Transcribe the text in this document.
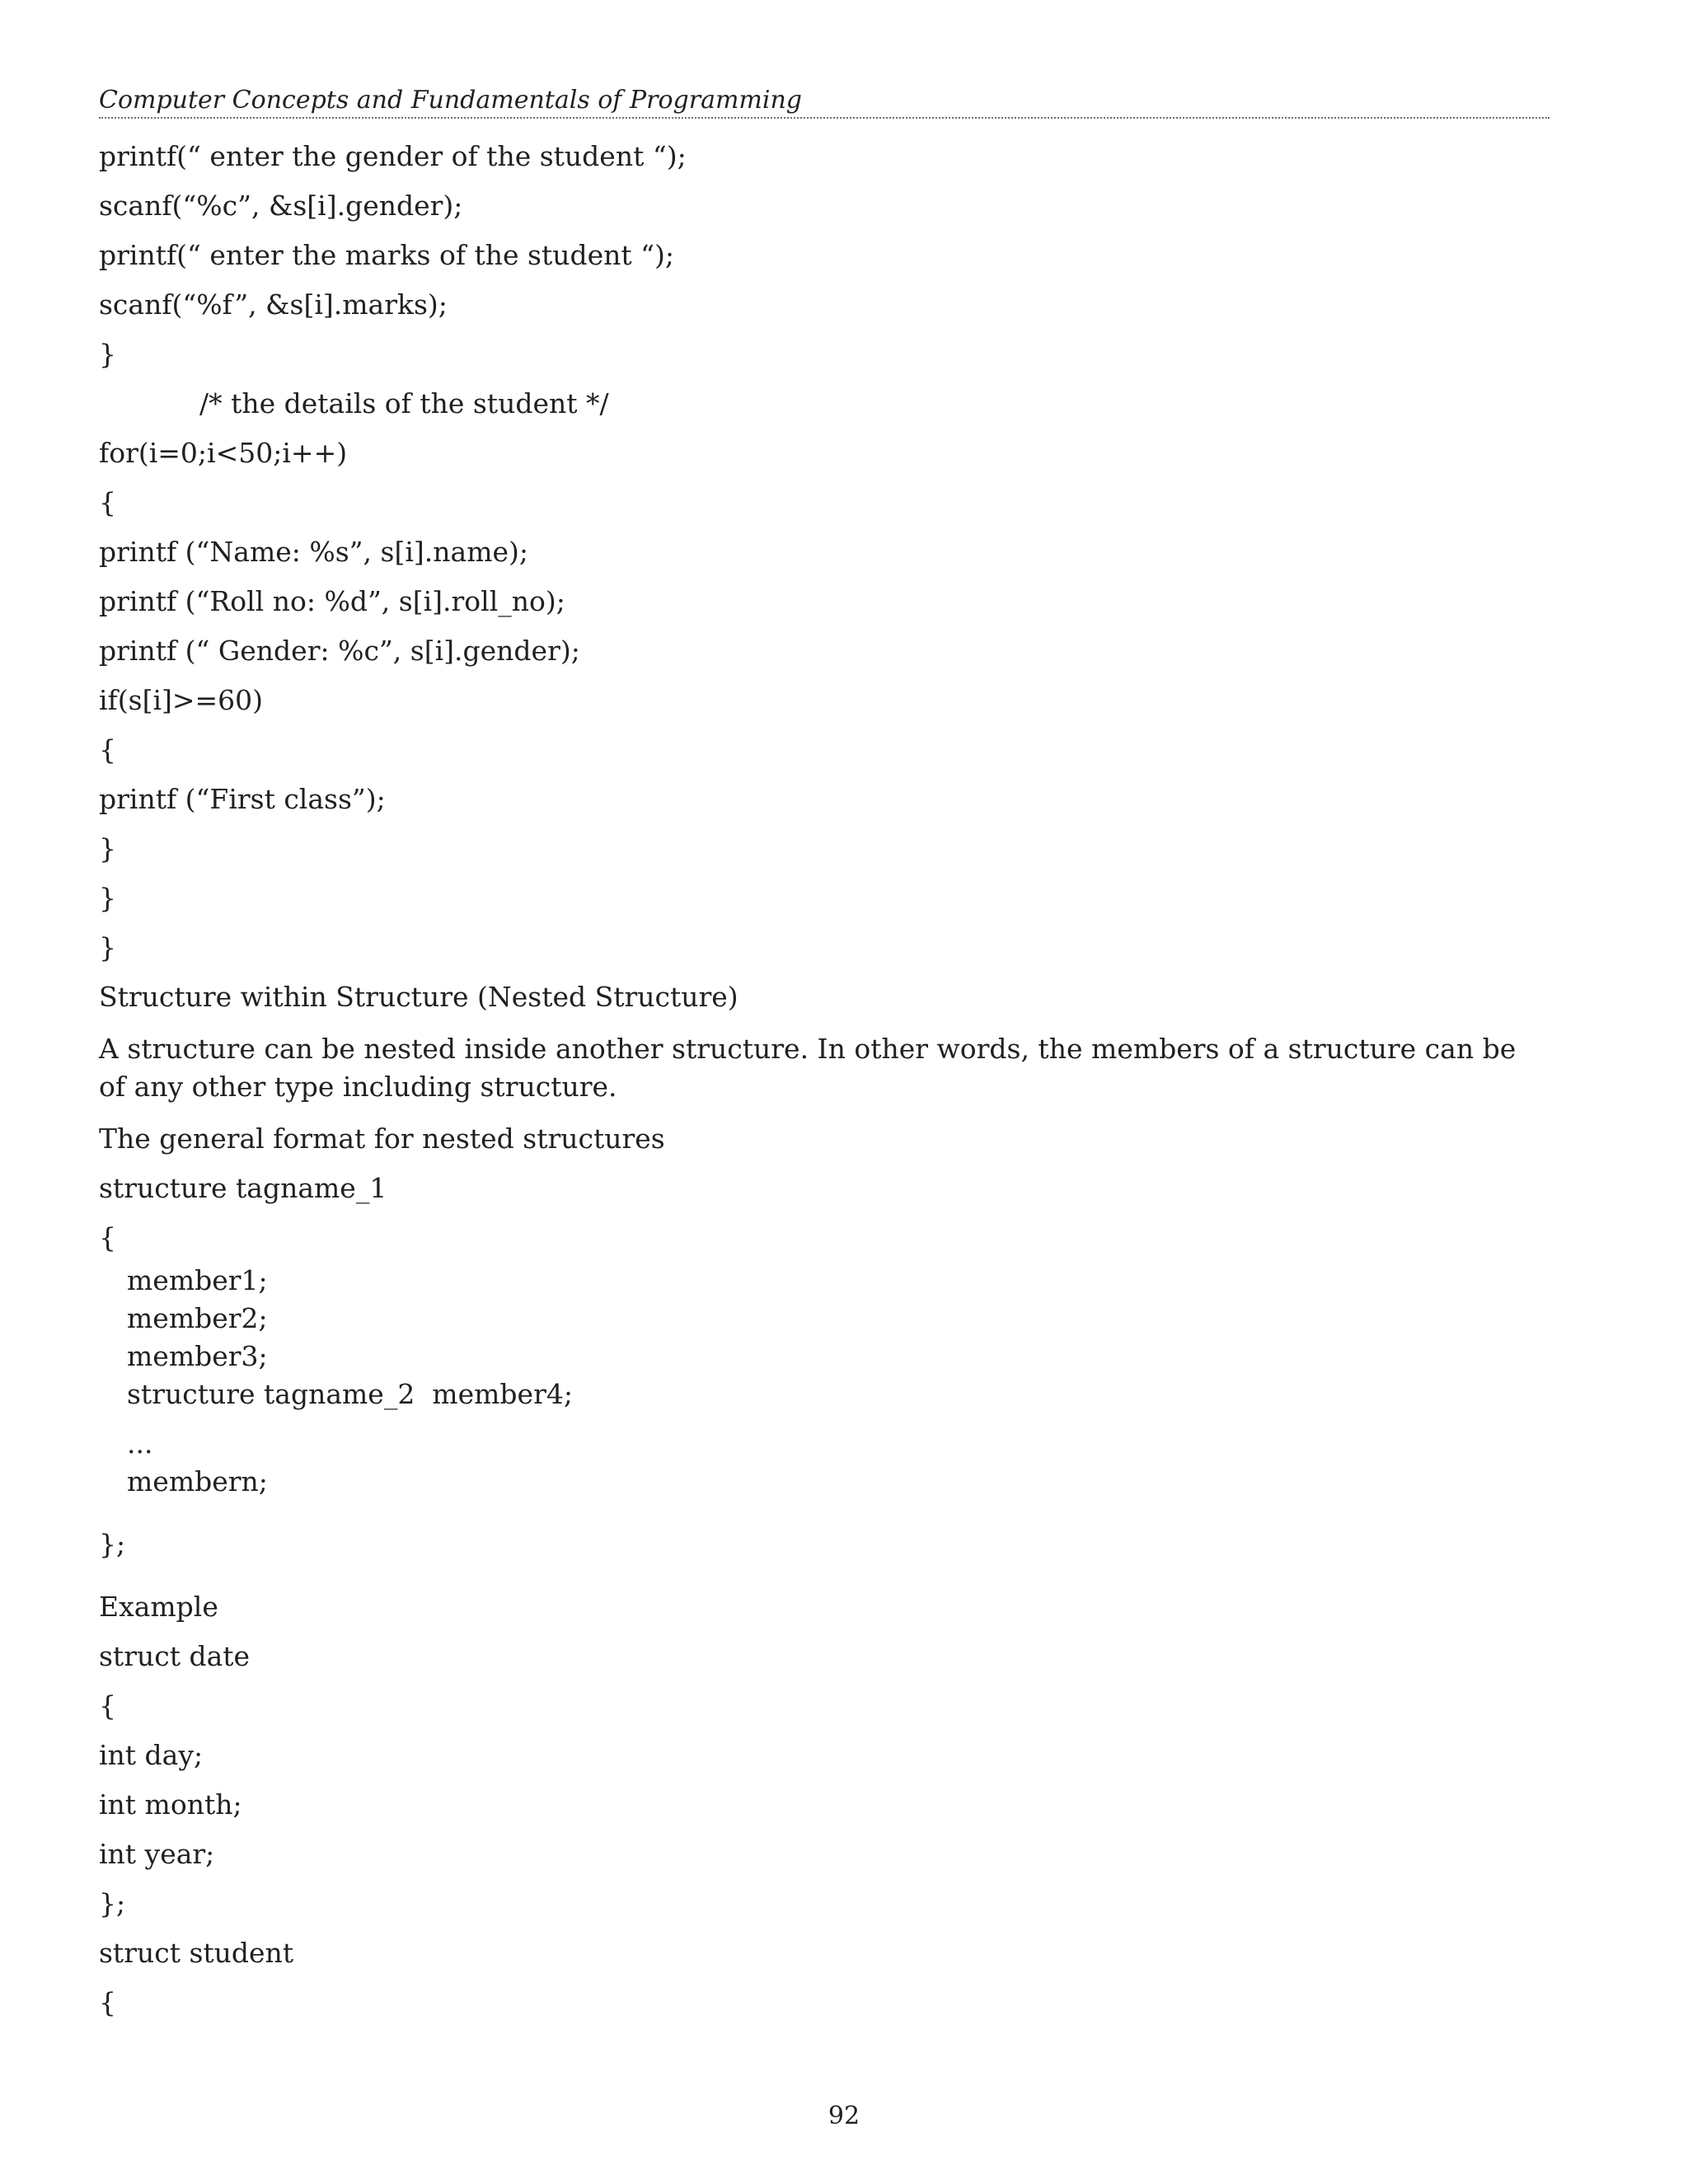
Computer Concepts and Fundamentals of Programming
printf(“ enter the gender of the student “);
scanf(“%c”, &s[i].gender);
printf(“ enter the marks of the student “);
scanf(“%f”, &s[i].marks);
}
/* the details of the student */
for(i=0;i<50;i++)
{
printf (“Name: %s”, s[i].name);
printf (“Roll no: %d”, s[i].roll_no);
printf (“ Gender: %c”, s[i].gender);
if(s[i]>=60)
{
printf (“First class”);
}
}
}
Structure within Structure (Nested Structure)
A structure can be nested inside another structure. In other words, the members of a structure can be of any other type including structure.
The general format for nested structures
structure tagname_1
{
member1;
member2;
member3;
structure tagname_2  member4;
...
membern;
};
Example
struct date
{
int day;
int month;
int year;
};
struct student
{
92
